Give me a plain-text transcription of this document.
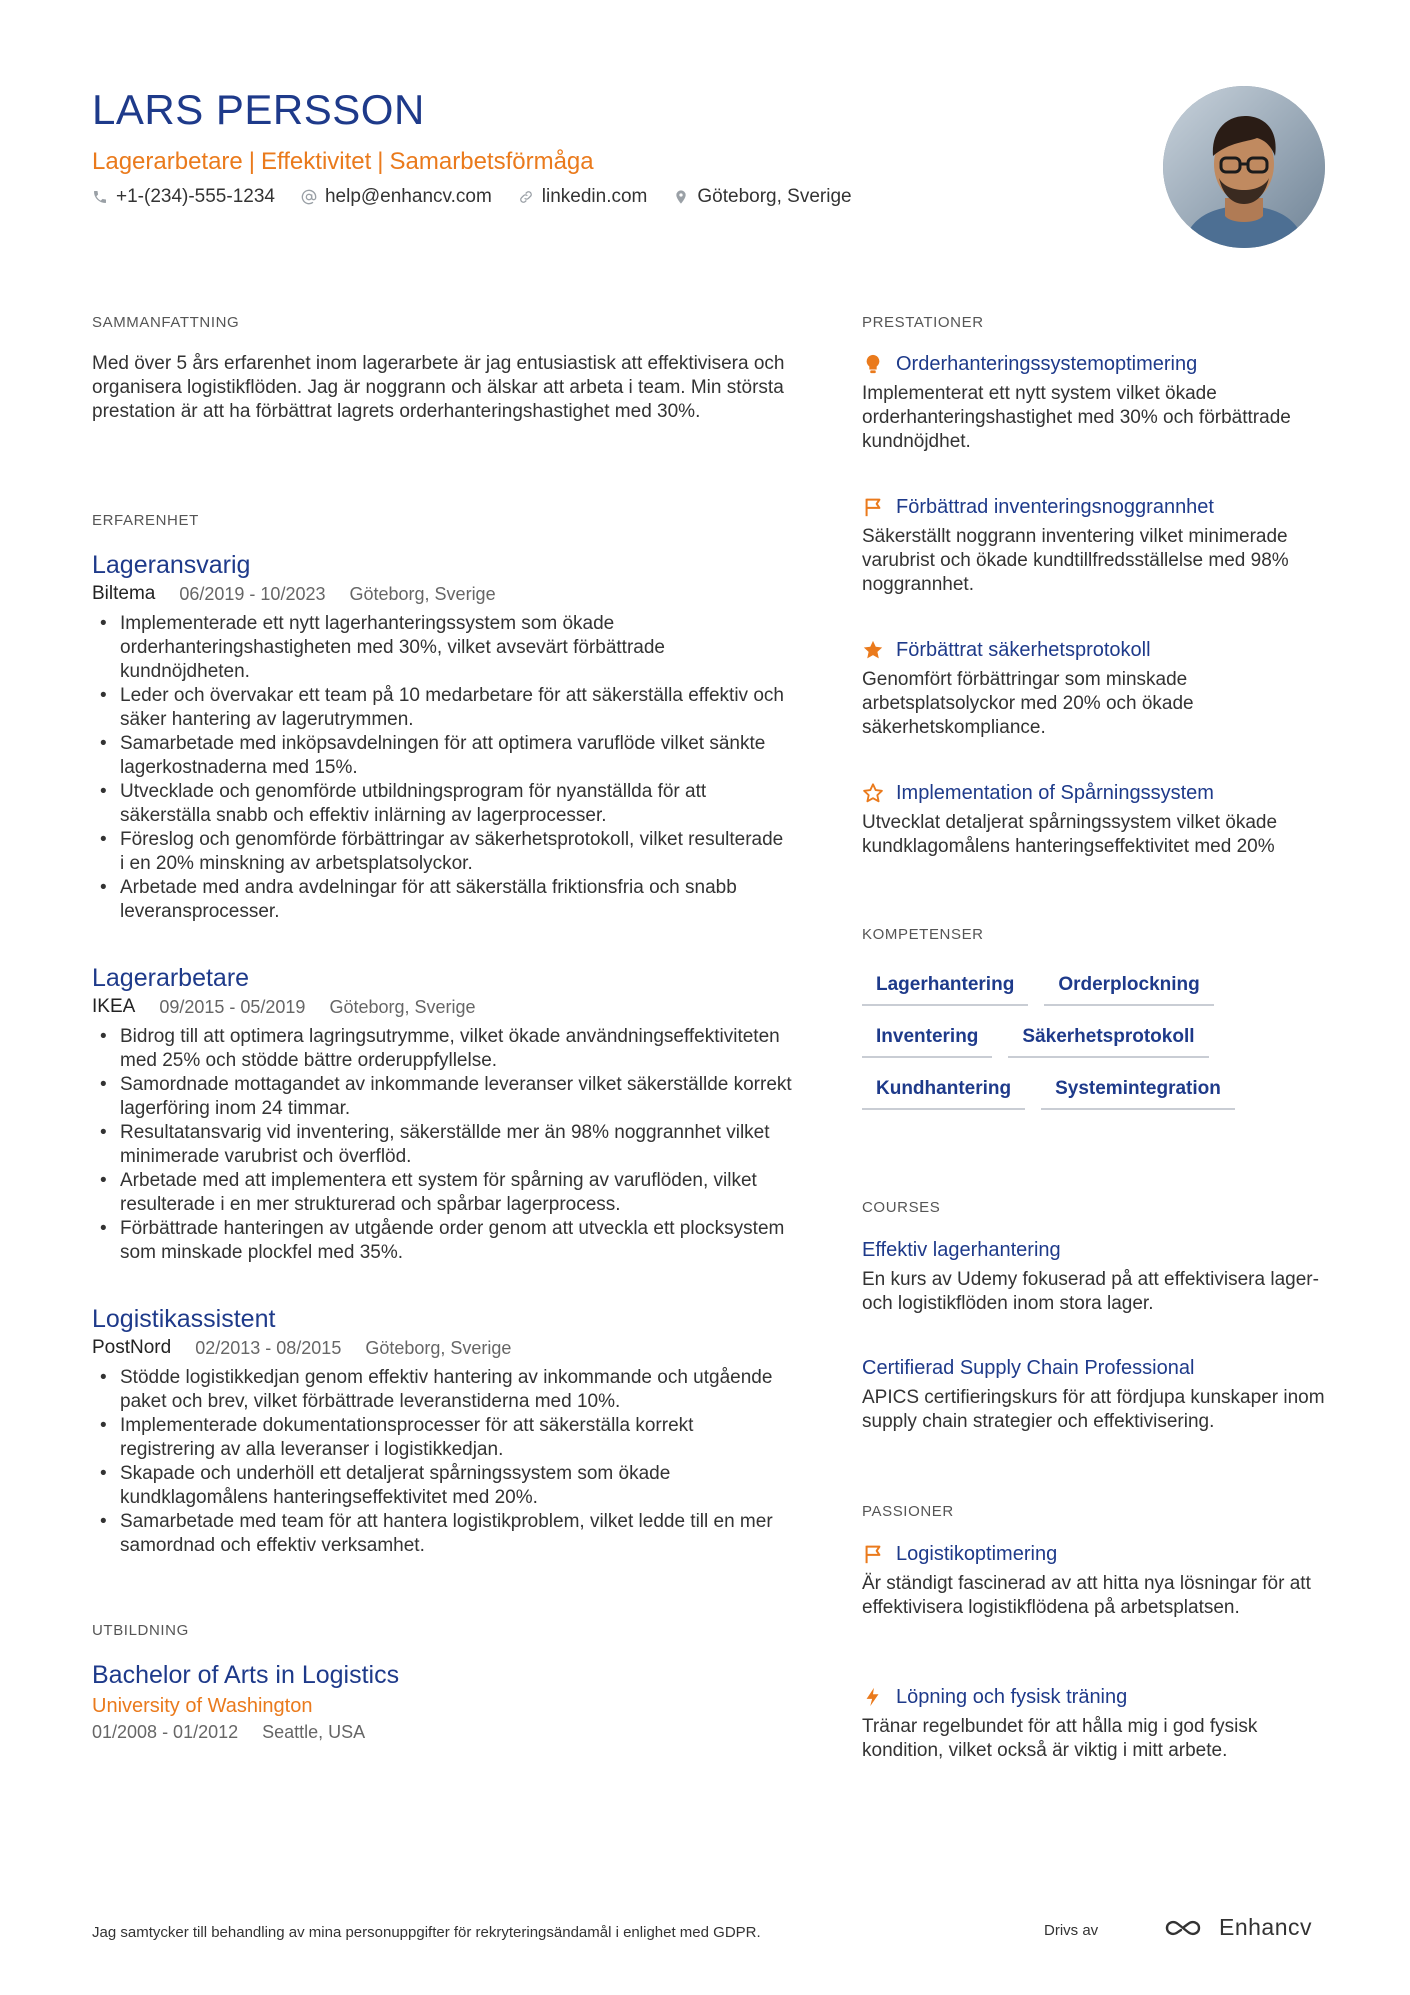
LARS PERSSON
Lagerarbetare | Effektivitet | Samarbetsförmåga
+1-(234)-555-1234	help@enhancv.com	linkedin.com	Göteborg, Sverige
SAMMANFATTNING

Med över 5 års erfarenhet inom lagerarbete är jag entusiastisk att effektivisera och organisera logistikflöden. Jag är noggrann och älskar att arbeta i team. Min största prestation är att ha förbättrat lagrets orderhanteringshastighet med 30%.

ERFARENHET
Lageransvarig
Biltema 06/2019 - 10/2023 Göteborg, Sverige
• Implementerade ett nytt lagerhanteringssystem som ökade orderhanteringshastigheten med 30%, vilket avsevärt förbättrade kundnöjdheten.
• Leder och övervakar ett team på 10 medarbetare för att säkerställa effektiv och säker hantering av lagerutrymmen.
• Samarbetade med inköpsavdelningen för att optimera varuflöde vilket sänkte lagerkostnaderna med 15%.
• Utvecklade och genomförde utbildningsprogram för nyanställda för att säkerställa snabb och effektiv inlärning av lagerprocesser.
• Föreslog och genomförde förbättringar av säkerhetsprotokoll, vilket resulterade i en 20% minskning av arbetsplatsolyckor.
• Arbetade med andra avdelningar för att säkerställa friktionsfria och snabb leveransprocesser.
Lagerarbetare
IKEA 09/2015 - 05/2019 Göteborg, Sverige
• Bidrog till att optimera lagringsutrymme, vilket ökade användningseffektiviteten med 25% och stödde bättre orderuppfyllelse.
• Samordnade mottagandet av inkommande leveranser vilket säkerställde korrekt lagerföring inom 24 timmar.
• Resultatansvarig vid inventering, säkerställde mer än 98% noggrannhet vilket minimerade varubrist och överflöd.
• Arbetade med att implementera ett system för spårning av varuflöden, vilket resulterade i en mer strukturerad och spårbar lagerprocess.
• Förbättrade hanteringen av utgående order genom att utveckla ett plocksystem som minskade plockfel med 35%.
Logistikassistent
PostNord 02/2013 - 08/2015 Göteborg, Sverige
• Stödde logistikkedjan genom effektiv hantering av inkommande och utgående paket och brev, vilket förbättrade leveranstiderna med 10%.
• Implementerade dokumentationsprocesser för att säkerställa korrekt registrering av alla leveranser i logistikkedjan.
• Skapade och underhöll ett detaljerat spårningssystem som ökade kundklagomålens hanteringseffektivitet med 20%.
• Samarbetade med team för att hantera logistikproblem, vilket ledde till en mer samordnad och effektiv verksamhet.
UTBILDNING
Bachelor of Arts in Logistics
University of Washington
01/2008 - 01/2012 Seattle, USA
PRESTATIONER
Orderhanteringssystemoptimering
Implementerat ett nytt system vilket ökade orderhanteringshastighet med 30% och förbättrade kundnöjdhet.
Förbättrad inventeringsnoggrannhet
Säkerställt noggrann inventering vilket minimerade varubrist och ökade kundtillfredsställelse med 98% noggrannhet.
Förbättrat säkerhetsprotokoll
Genomfört förbättringar som minskade arbetsplatsolyckor med 20% och ökade säkerhetskompliance.
Implementation of Spårningssystem
Utvecklat detaljerat spårningssystem vilket ökade kundklagomålens hanteringseffektivitet med 20%
KOMPETENSER
Lagerhantering	Orderplockning
Inventering	Säkerhetsprotokoll
Kundhantering	Systemintegration
COURSES
Effektiv lagerhantering
En kurs av Udemy fokuserad på att effektivisera lager- och logistikflöden inom stora lager.
Certifierad Supply Chain Professional
APICS certifieringskurs för att fördjupa kunskaper inom supply chain strategier och effektivisering.
PASSIONER
Logistikoptimering
Är ständigt fascinerad av att hitta nya lösningar för att effektivisera logistikflödena på arbetsplatsen.
Löpning och fysisk träning
Tränar regelbundet för att hålla mig i god fysisk kondition, vilket också är viktig i mitt arbete.
Jag samtycker till behandling av mina personuppgifter för rekryteringsändamål i enlighet med GDPR.	Drivs av	Enhancv
